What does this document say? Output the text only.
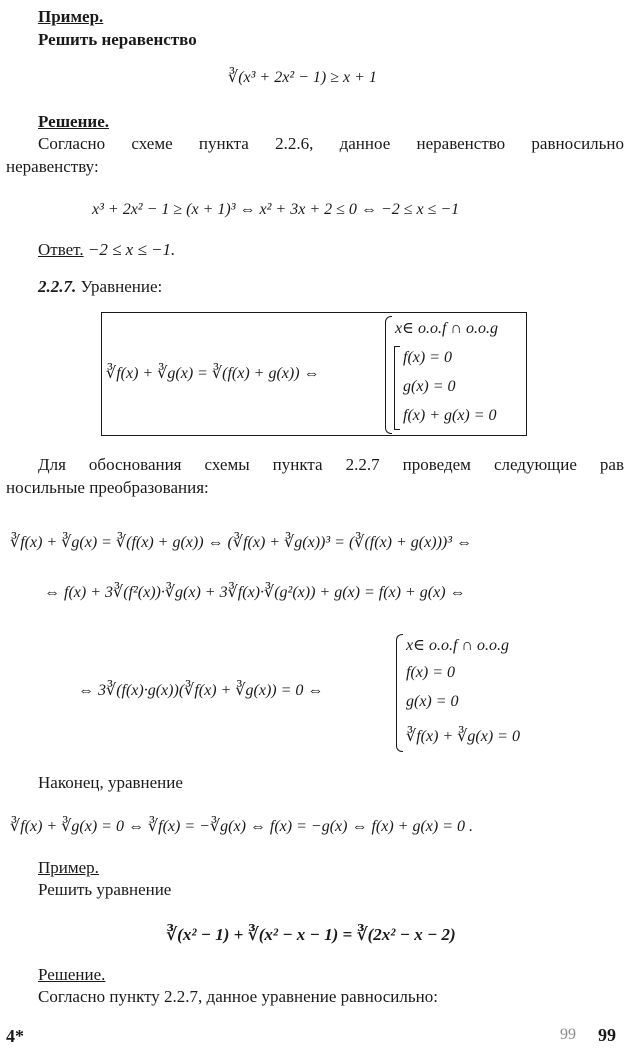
Пример.
Решить неравенство
∛(x³ + 2x² − 1) ≥ x + 1
Решение.
Согласно схеме пункта 2.2.6, данное неравенство равносильно
неравенству:
x³ + 2x² − 1 ≥ (x + 1)³ ⇔ x² + 3x + 2 ≤ 0 ⇔ −2 ≤ x ≤ −1
Ответ. −2 ≤ x ≤ −1.
2.2.7. Уравнение:
∛f(x) + ∛g(x) = ∛(f(x) + g(x)) ⇔
x∈ о.о.f ∩ о.о.g
f(x) = 0
g(x) = 0
f(x) + g(x) = 0
Для обоснования схемы пункта 2.2.7 проведем следующие рав
носильные преобразования:
∛f(x) + ∛g(x) = ∛(f(x) + g(x)) ⇔ (∛f(x) + ∛g(x))³ = (∛(f(x) + g(x)))³ ⇔
⇔ f(x) + 3∛(f²(x))·∛g(x) + 3∛f(x)·∛(g²(x)) + g(x) = f(x) + g(x) ⇔
⇔ 3∛(f(x)·g(x))(∛f(x) + ∛g(x)) = 0 ⇔
x∈ о.о.f ∩ о.о.g
f(x) = 0
g(x) = 0
∛f(x) + ∛g(x) = 0
Наконец, уравнение
∛f(x) + ∛g(x) = 0 ⇔ ∛f(x) = −∛g(x) ⇔ f(x) = −g(x) ⇔ f(x) + g(x) = 0 .
Пример.
Решить уравнение
∛(x² − 1) + ∛(x² − x − 1) = ∛(2x² − x − 2)
Решение.
Согласно пункту 2.2.7, данное уравнение равносильно:
4*	99 99
